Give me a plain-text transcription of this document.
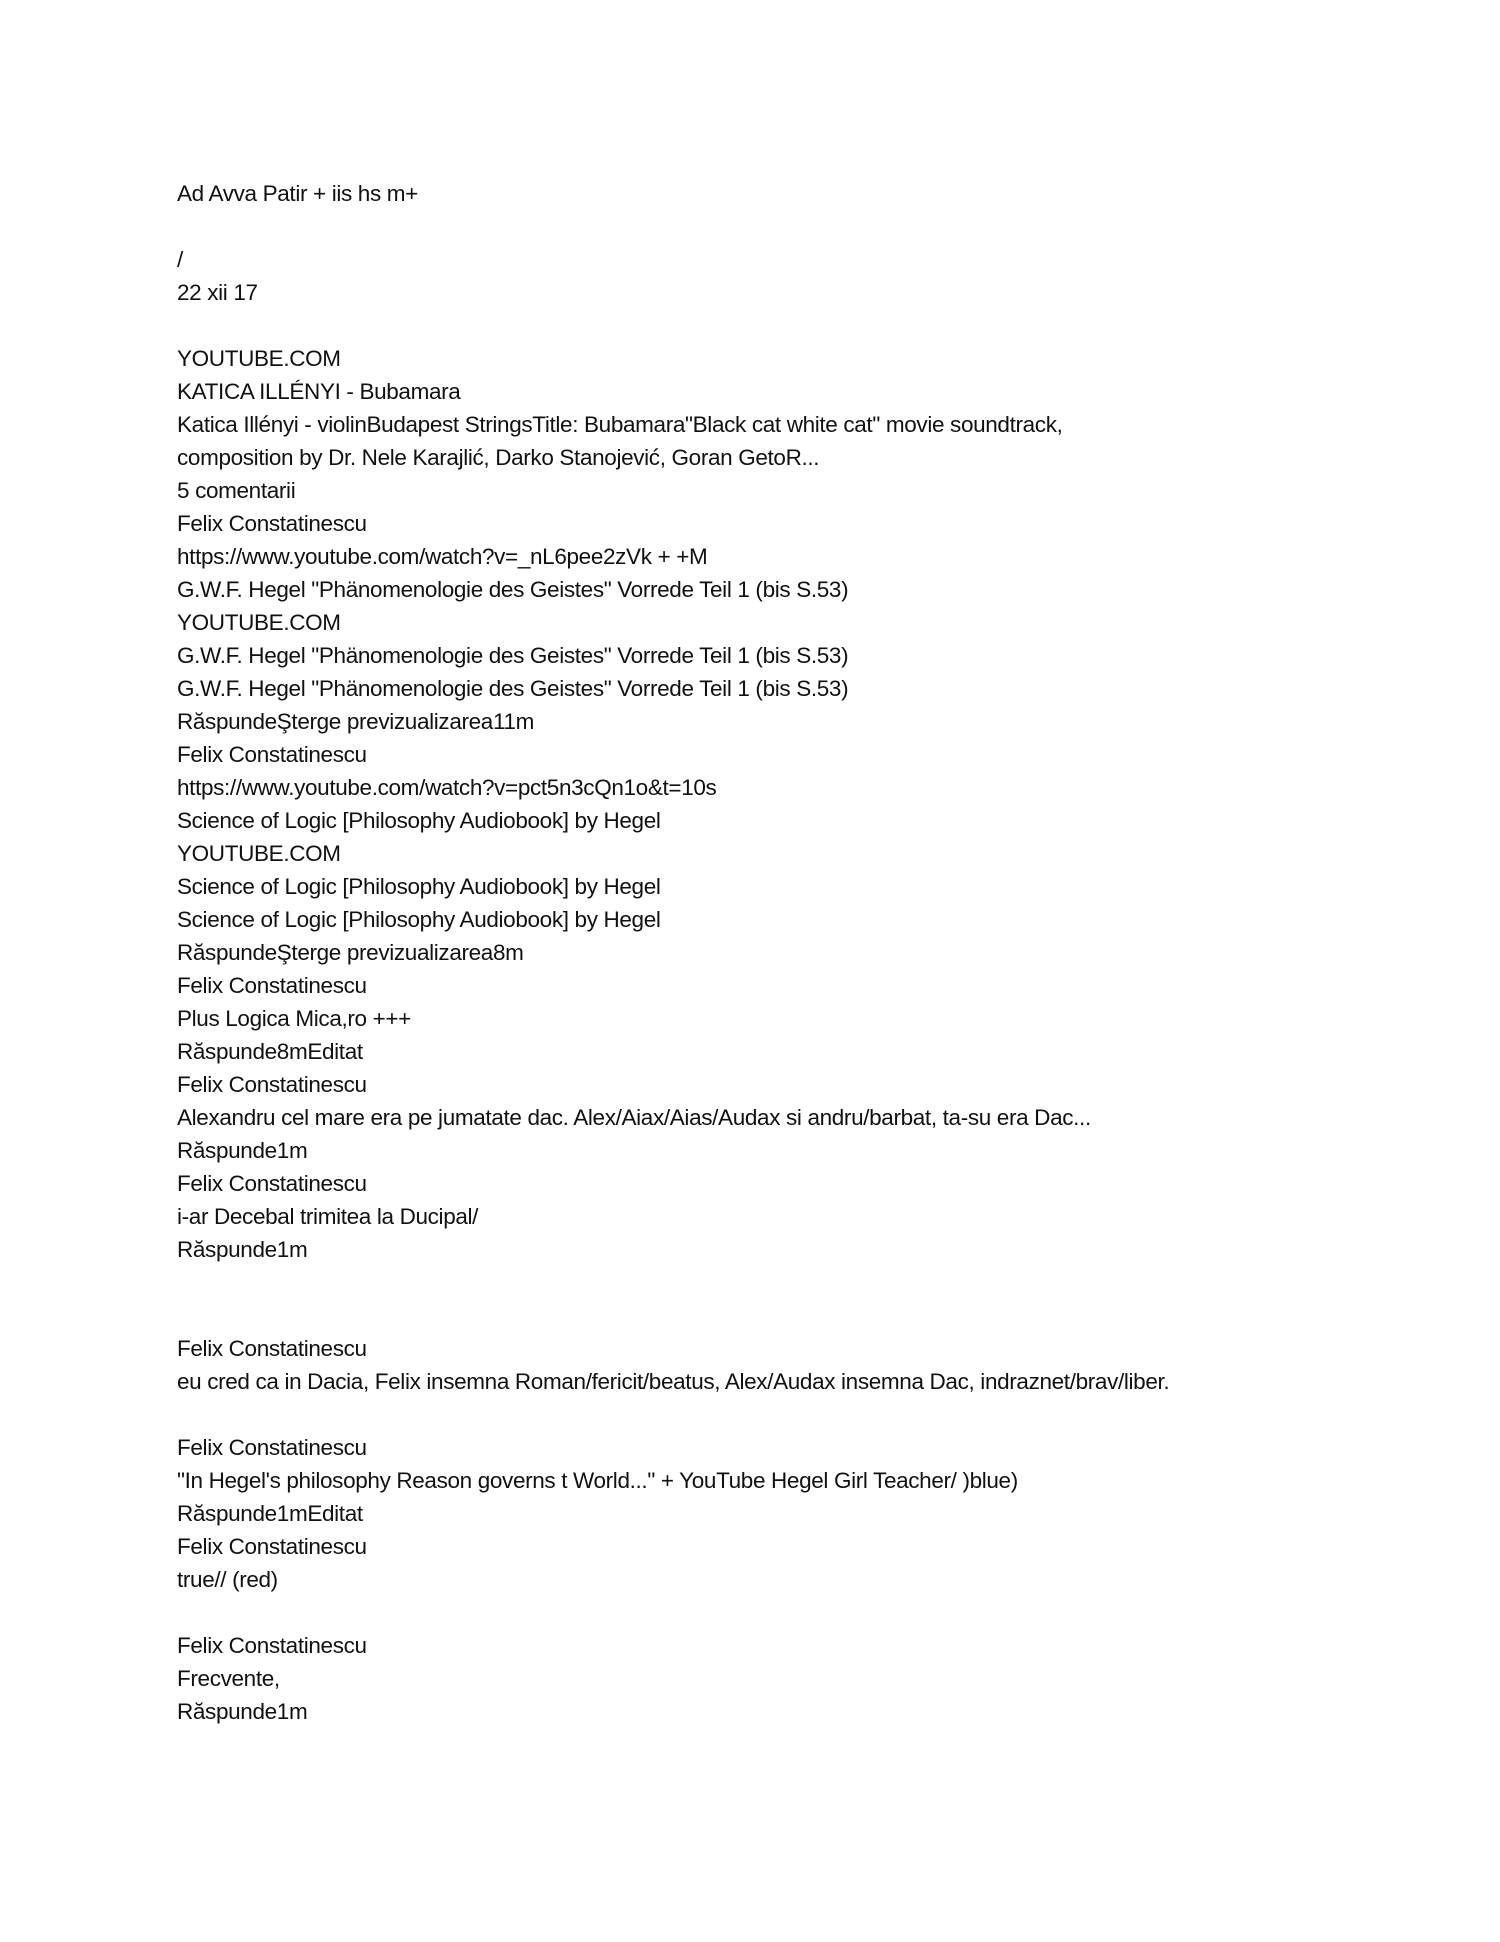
Ad Avva Patir + iis hs m+
/
22 xii 17
YOUTUBE.COM
KATICA ILLÉNYI - Bubamara
Katica Illényi - violinBudapest StringsTitle: Bubamara"Black cat white cat" movie soundtrack,
composition by Dr. Nele Karajlić, Darko Stanojević, Goran GetoR...
5 comentarii
Felix Constatinescu
https://www.youtube.com/watch?v=_nL6pee2zVk + +M
G.W.F. Hegel "Phänomenologie des Geistes" Vorrede Teil 1 (bis S.53)
YOUTUBE.COM
G.W.F. Hegel "Phänomenologie des Geistes" Vorrede Teil 1 (bis S.53)
G.W.F. Hegel "Phänomenologie des Geistes" Vorrede Teil 1 (bis S.53)
RăspundeŞterge previzualizarea11m
Felix Constatinescu
https://www.youtube.com/watch?v=pct5n3cQn1o&t=10s
Science of Logic [Philosophy Audiobook] by Hegel
YOUTUBE.COM
Science of Logic [Philosophy Audiobook] by Hegel
Science of Logic [Philosophy Audiobook] by Hegel
RăspundeŞterge previzualizarea8m
Felix Constatinescu
Plus Logica Mica,ro +++
Răspunde8mEditat
Felix Constatinescu
Alexandru cel mare era pe jumatate dac. Alex/Aiax/Aias/Audax si andru/barbat, ta-su era Dac...
Răspunde1m
Felix Constatinescu
i-ar Decebal trimitea la Ducipal/
Răspunde1m
Felix Constatinescu
eu cred ca in Dacia, Felix insemna Roman/fericit/beatus, Alex/Audax insemna Dac, indraznet/brav/liber.
Felix Constatinescu
"In Hegel's philosophy Reason governs t World..." + YouTube Hegel Girl Teacher/ )blue)
Răspunde1mEditat
Felix Constatinescu
true// (red)
Felix Constatinescu
Frecvente,
Răspunde1m
